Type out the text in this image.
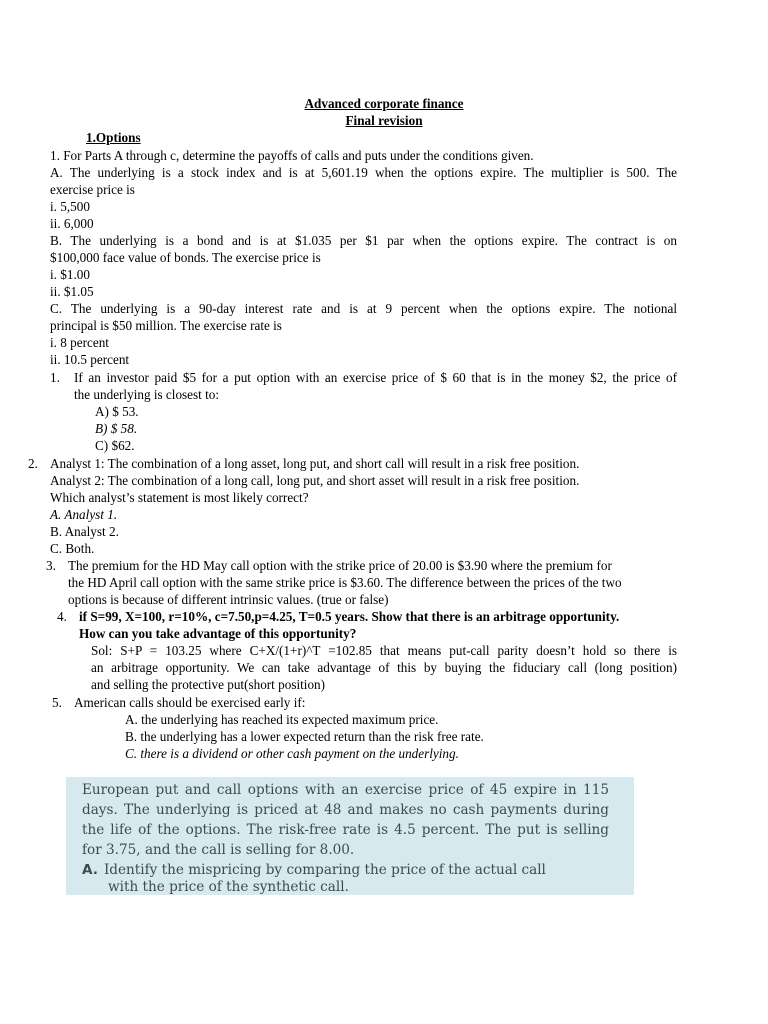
Advanced corporate finance
Final revision
1.Options
1. For Parts A through c, determine the payoffs of calls and puts under the conditions given.
A. The underlying is a stock index and is at 5,601.19 when the options expire. The multiplier is 500. The
exercise price is
i. 5,500
ii. 6,000
B. The underlying is a bond and is at $1.035 per $1 par when the options expire. The contract is on
$100,000 face value of bonds. The exercise price is
i. $1.00
ii. $1.05
C. The underlying is a 90-day interest rate and is at 9 percent when the options expire. The notional
principal is $50 million. The exercise rate is
i. 8 percent
ii. 10.5 percent
1. If an investor paid $5 for a put option with an exercise price of $ 60 that is in the money $2, the price of
the underlying is closest to:
A) $ 53.
B) $ 58.
C) $62.
2. Analyst 1: The combination of a long asset, long put, and short call will result in a risk free position.
Analyst 2: The combination of a long call, long put, and short asset will result in a risk free position.
Which analyst’s statement is most likely correct?
A. Analyst 1.
B. Analyst 2.
C. Both.
3. The premium for the HD May call option with the strike price of 20.00 is $3.90 where the premium for
the HD April call option with the same strike price is $3.60. The difference between the prices of the two
options is because of different intrinsic values. (true or false)
4. if S=99, X=100, r=10%, c=7.50,p=4.25, T=0.5 years. Show that there is an arbitrage opportunity.
How can you take advantage of this opportunity?
Sol: S+P = 103.25 where C+X/(1+r)^T =102.85 that means put-call parity doesn’t hold so there is
an arbitrage opportunity. We can take advantage of this by buying the fiduciary call (long position)
and selling the protective put(short position)
5. American calls should be exercised early if:
A. the underlying has reached its expected maximum price.
B. the underlying has a lower expected return than the risk free rate.
C. there is a dividend or other cash payment on the underlying.
European put and call options with an exercise price of 45 expire in 115
days. The underlying is priced at 48 and makes no cash payments during
the life of the options. The risk-free rate is 4.5 percent. The put is selling
for 3.75, and the call is selling for 8.00.
A. Identify the mispricing by comparing the price of the actual call
with the price of the synthetic call.
